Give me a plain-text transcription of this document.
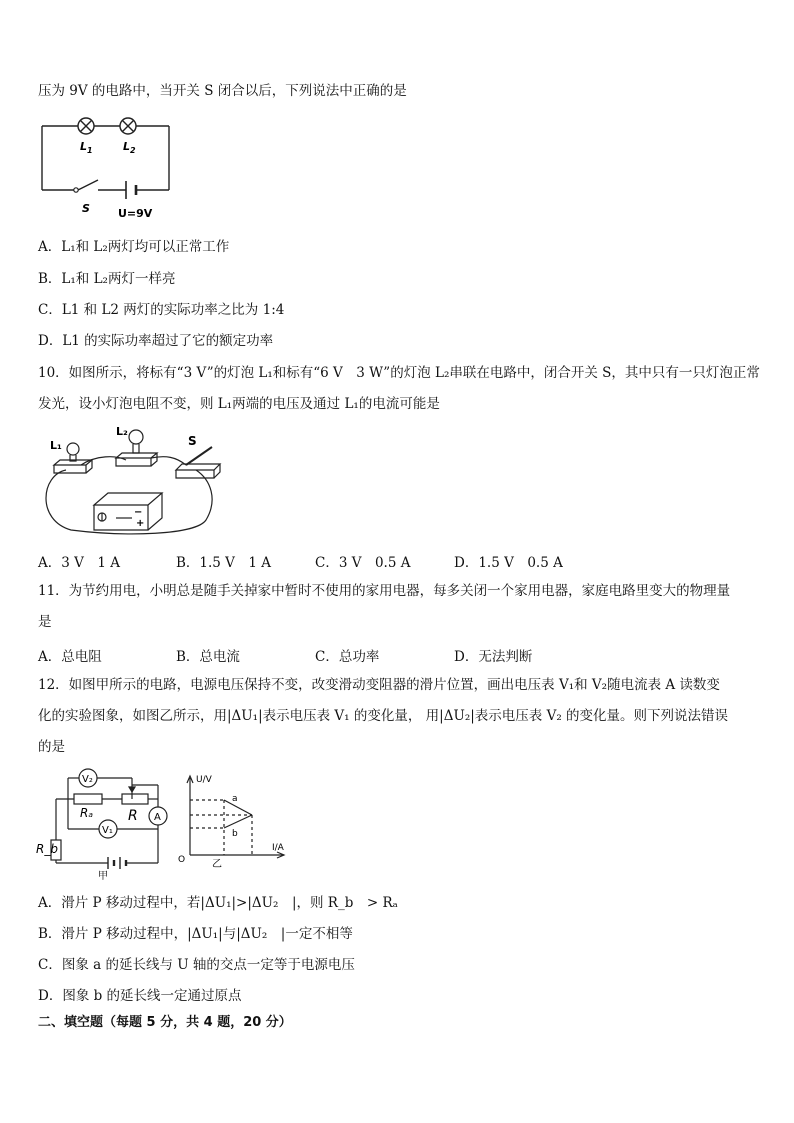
压为 9V 的电路中，当开关 S 闭合以后，下列说法中正确的是
$L_1$	$L_2$
S	U=9V
A．L₁和 L₂两灯均可以正常工作
B．L₁和 L₂两灯一样亮
C．L1 和 L2 两灯的实际功率之比为 1:4
D．L1 的实际功率超过了它的额定功率
10．如图所示，将标有“3 V”的灯泡 L₁和标有“6 V　3 W”的灯泡 L₂串联在电路中，闭合开关 S，其中只有一只灯泡正常
发光，设小灯泡电阻不变，则 L₁两端的电压及通过 L₁的电流可能是
L₁
L₂
S
−
+
A．3 V　1 A	B．1.5 V　1 A	C．3 V　0.5 A	D．1.5 V　0.5 A
11．为节约用电，小明总是随手关掉家中暂时不使用的家用电器，每多关闭一个家用电器，家庭电路里变大的物理量
是
A．总电阻	B．总电流	C．总功率	D．无法判断
12．如图甲所示的电路，电源电压保持不变，改变滑动变阻器的滑片位置，画出电压表 V₁和 V₂随电流表 A 读数变
化的实验图象，如图乙所示，用|ΔU₁|表示电压表 V₁ 的变化量， 用|ΔU₂|表示电压表 V₂ 的变化量。则下列说法错误
的是
V₂
V₁
Rₐ R A
R_b
甲
U/V
I/A
O
a
b
乙
A．滑片 P 移动过程中，若|ΔU₁|>|ΔU₂　|，则 R_b　> Rₐ
B．滑片 P 移动过程中，|ΔU₁|与|ΔU₂　|一定不相等
C．图象 a 的延长线与 U 轴的交点一定等于电源电压
D．图象 b 的延长线一定通过原点
二、填空题（每题 5 分，共 4 题，20 分）
